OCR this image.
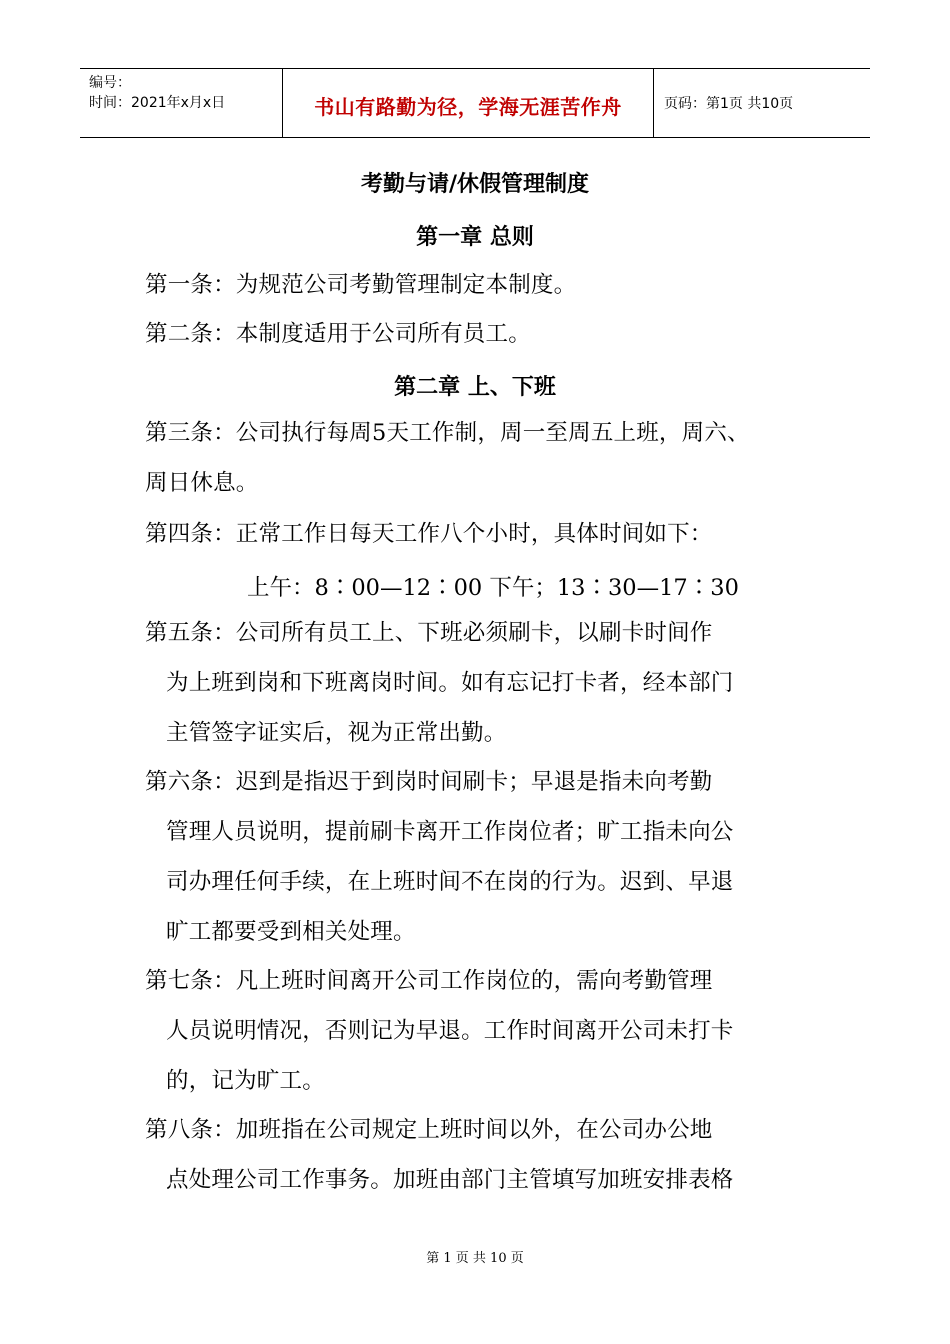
编号：
时间：2021年x月x日	书山有路勤为径，学海无涯苦作舟	页码：第1页 共10页
考勤与请/休假管理制度
第一章 总则
第一条：为规范公司考勤管理制定本制度。
第二条：本制度适用于公司所有员工。
第二章 上、下班
第三条：公司执行每周5天工作制，周一至周五上班，周六、
周日休息。
第四条：正常工作日每天工作八个小时，具体时间如下：
上午：8∶00—12∶00 下午；13∶30—17∶30
第五条：公司所有员工上、下班必须刷卡，以刷卡时间作
为上班到岗和下班离岗时间。如有忘记打卡者，经本部门
主管签字证实后，视为正常出勤。
第六条：迟到是指迟于到岗时间刷卡；早退是指未向考勤
管理人员说明，提前刷卡离开工作岗位者；旷工指未向公
司办理任何手续，在上班时间不在岗的行为。迟到、早退
旷工都要受到相关处理。
第七条：凡上班时间离开公司工作岗位的，需向考勤管理
人员说明情况，否则记为早退。工作时间离开公司未打卡
的，记为旷工。
第八条：加班指在公司规定上班时间以外，在公司办公地
点处理公司工作事务。加班由部门主管填写加班安排表格
第 1 页 共 10 页
